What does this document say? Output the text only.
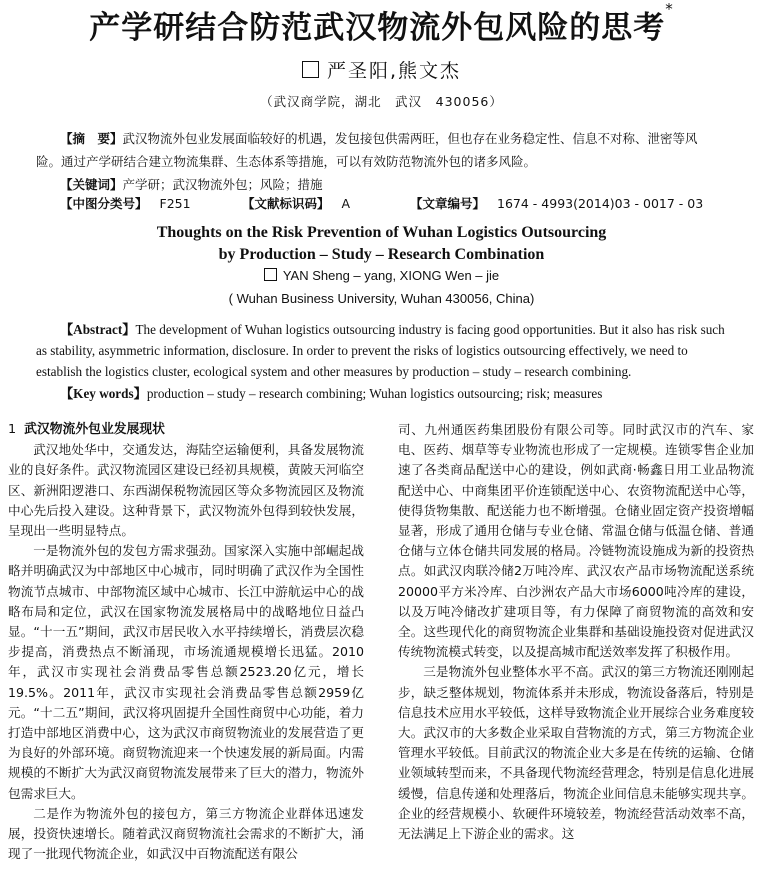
产学研结合防范武汉物流外包风险的思考*
严圣阳,熊文杰
（武汉商学院，湖北　武汉　430056）
【摘　要】武汉物流外包业发展面临较好的机遇，发包接包供需两旺，但也存在业务稳定性、信息不对称、泄密等风
险。通过产学研结合建立物流集群、生态体系等措施，可以有效防范物流外包的诸多风险。
【关键词】产学研；武汉物流外包；风险；措施
【中图分类号】 F251	【文献标识码】 A	【文章编号】 1674 - 4993(2014)03 - 0017 - 03
Thoughts on the Risk Prevention of Wuhan Logistics Outsourcing
by Production – Study – Research Combination
YAN Sheng – yang, XIONG Wen – jie
( Wuhan Business University, Wuhan 430056, China)
【Abstract】The development of Wuhan logistics outsourcing industry is facing good opportunities. But it also has risk such
as stability, asymmetric information, disclosure. In order to prevent the risks of logistics outsourcing effectively, we need to
establish the logistics cluster, ecological system and other measures by production – study – research combining.
【Key words】production – study – research combining; Wuhan logistics outsourcing; risk; measures
1 武汉物流外包业发展现状

武汉地处华中，交通发达，海陆空运输便利，具备发展物流业的良好条件。武汉物流园区建设已经初具规模，黄陂天河临空区、新洲阳逻港口、东西湖保税物流园区等众多物流园区及物流中心先后投入建设。这种背景下，武汉物流外包得到较快发展，呈现出一些明显特点。

一是物流外包的发包方需求强劲。国家深入实施中部崛起战略并明确武汉为中部地区中心城市，同时明确了武汉作为全国性物流节点城市、中部物流区域中心城市、长江中游航运中心的战略布局和定位，武汉在国家物流发展格局中的战略地位日益凸显。“十一五”期间，武汉市居民收入水平持续增长，消费层次稳步提高，消费热点不断涌现，市场流通规模增长迅猛。2010年，武汉市实现社会消费品零售总额2523.20亿元，增长19.5%。2011年，武汉市实现社会消费品零售总额2959亿元。“十二五”期间，武汉将巩固提升全国性商贸中心功能，着力打造中部地区消费中心，这为武汉市商贸物流业的发展营造了更为良好的外部环境。商贸物流迎来一个快速发展的新局面。内需规模的不断扩大为武汉商贸物流发展带来了巨大的潜力，物流外包需求巨大。

二是作为物流外包的接包方，第三方物流企业群体迅速发展，投资快速增长。随着武汉商贸物流社会需求的不断扩大，涌现了一批现代物流企业，如武汉中百物流配送有限公

司、九州通医药集团股份有限公司等。同时武汉市的汽车、家电、医药、烟草等专业物流也形成了一定规模。连锁零售企业加速了各类商品配送中心的建设，例如武商·畅鑫日用工业品物流配送中心、中商集团平价连锁配送中心、农资物流配送中心等，使得货物集散、配送能力也不断增强。仓储业固定资产投资增幅显著，形成了通用仓储与专业仓储、常温仓储与低温仓储、普通仓储与立体仓储共同发展的格局。冷链物流设施成为新的投资热点。如武汉肉联冷储2万吨冷库、武汉农产品市场物流配送系统20000平方米冷库、白沙洲农产品大市场6000吨冷库的建设，以及万吨冷储改扩建项目等，有力保障了商贸物流的高效和安全。这些现代化的商贸物流企业集群和基础设施投资对促进武汉传统物流模式转变，以及提高城市配送效率发挥了积极作用。

三是物流外包业整体水平不高。武汉的第三方物流还刚刚起步，缺乏整体规划，物流体系并未形成，物流设备落后，特别是信息技术应用水平较低，这样导致物流企业开展综合业务难度较大。武汉市的大多数企业采取自营物流的方式，第三方物流企业管理水平较低。目前武汉的物流企业大多是在传统的运输、仓储业领域转型而来，不具备现代物流经营理念，特别是信息化进展缓慢，信息传递和处理落后，物流企业间信息未能够实现共享。企业的经营规模小、软硬件环境较差，物流经营活动效率不高，无法满足上下游企业的需求。这
